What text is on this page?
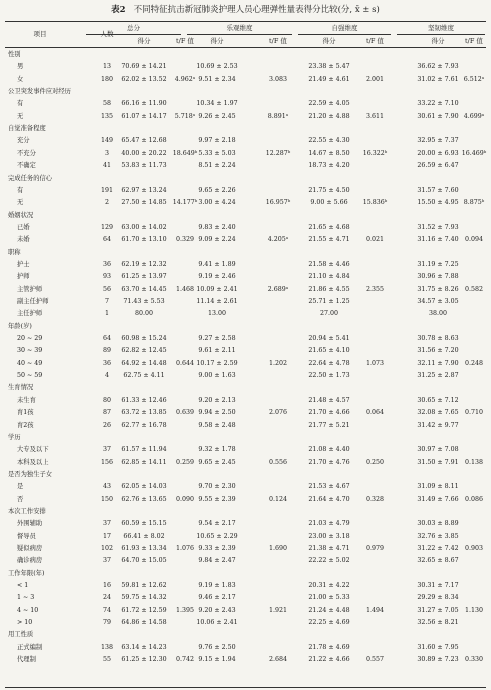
表2 不同特征抗击新冠肺炎护理人员心理弹性量表得分比较(分, x̄ ± s)
项目	人数
总分	乐观维度	自强维度	坚韧维度
得分	t/F 值	得分	t/F 值	得分	t/F 值	得分	t/F 值
性别
男	13	70.69 ± 14.21	10.69 ± 2.53	23.38 ± 5.47	36.62 ± 7.93
女	180	62.02 ± 13.52	4.962ᵃ 9.51 ± 2.34	3.083	21.49 ± 4.61	2.001	31.02 ± 7.61 6.512ᵃ
公卫突发事件应对经历
有	58	66.16 ± 11.90	10.34 ± 1.97	22.59 ± 4.05	33.22 ± 7.10
无	135	61.07 ± 14.17	5.718ᵃ 9.26 ± 2.45	8.891ᵃ	21.20 ± 4.88	3.611	30.61 ± 7.90 4.699ᵃ
自觉准备程度
充分	149	65.47 ± 12.68	9.97 ± 2.18	22.55 ± 4.30	32.95 ± 7.37
不充分	3	40.00 ± 20.22 18.649ᵇ 5.33 ± 5.03	12.287ᵇ	14.67 ± 8.50	16.322ᵇ	20.00 ± 6.93 16.469ᵇ
不确定	41	53.83 ± 11.73	8.51 ± 2.24	18.73 ± 4.20	26.59 ± 6.47
完成任务的信心
有	191	62.97 ± 13.24	9.65 ± 2.26	21.75 ± 4.50	31.57 ± 7.60
无	2	27.50 ± 14.85 14.177ᵇ 3.00 ± 4.24	16.957ᵇ	9.00 ± 5.66	15.836ᵇ	15.50 ± 4.95 8.875ᵇ
婚姻状况
已婚	129	63.00 ± 14.02	9.83 ± 2.40	21.65 ± 4.68	31.52 ± 7.93
未婚	64	61.70 ± 13.10	0.329 9.09 ± 2.24	4.205ᵃ	21.55 ± 4.71	0.021	31.16 ± 7.40	0.094
职称
护士	36	62.19 ± 12.32	9.41 ± 1.89	21.58 ± 4.46	31.19 ± 7.25
护师	93	61.25 ± 13.97	9.19 ± 2.46	21.10 ± 4.84	30.96 ± 7.88
主管护师	56	63.70 ± 14.45	1.468 10.09 ± 2.41	2.689ᵃ	21.86 ± 4.55	2.355	31.75 ± 8.26	0.582
副主任护师	7	71.43 ± 5.53	11.14 ± 2.61	25.71 ± 1.25	34.57 ± 3.05
主任护师	1	80.00	13.00	27.00	38.00
年龄(岁)
20 ~ 29	64	60.98 ± 15.24	9.27 ± 2.58	20.94 ± 5.41	30.78 ± 8.63
30 ~ 39	89	62.82 ± 12.45	9.61 ± 2.11	21.65 ± 4.10	31.56 ± 7.20
40 ~ 49	36	64.92 ± 14.48	0.644 10.17 ± 2.59	1.202	22.64 ± 4.78	1.073	32.11 ± 7.90	0.248
50 ~ 59	4	62.75 ± 4.11	9.00 ± 1.63	22.50 ± 1.73	31.25 ± 2.87
生育情况
未生育	80	61.33 ± 12.46	9.20 ± 2.13	21.48 ± 4.57	30.65 ± 7.12
育1孩	87	63.72 ± 13.85	0.639 9.94 ± 2.50	2.076	21.70 ± 4.66	0.064	32.08 ± 7.65	0.710
育2孩	26	62.77 ± 16.78	9.58 ± 2.48	21.77 ± 5.21	31.42 ± 9.77
学历
大专及以下	37	61.57 ± 11.94	9.32 ± 1.78	21.08 ± 4.40	30.97 ± 7.08
本科及以上	156	62.85 ± 14.11	0.259 9.65 ± 2.45	0.556	21.70 ± 4.76	0.250	31.50 ± 7.91	0.138
是否为独生子女
是	43	62.05 ± 14.03	9.70 ± 2.30	21.53 ± 4.67	31.09 ± 8.11
否	150	62.76 ± 13.65	0.090 9.55 ± 2.39	0.124	21.64 ± 4.70	0.328	31.49 ± 7.66	0.086
本次工作安排
外围辅助	37	60.59 ± 15.15	9.54 ± 2.17	21.03 ± 4.79	30.03 ± 8.89
督导员	17	66.41 ± 8.02	10.65 ± 2.29	23.00 ± 3.18	32.76 ± 3.85
疑似病房	102	61.93 ± 13.34	1.076 9.33 ± 2.39	1.690	21.38 ± 4.71	0.979	31.22 ± 7.42	0.903
确诊病房	37	64.70 ± 15.05	9.84 ± 2.47	22.22 ± 5.02	32.65 ± 8.67
工作年限(年)
< 1	16	59.81 ± 12.62	9.19 ± 1.83	20.31 ± 4.22	30.31 ± 7.17
1 ~ 3	24	59.75 ± 14.32	9.46 ± 2.17	21.00 ± 5.33	29.29 ± 8.34
4 ~ 10	74	61.72 ± 12.59	1.395 9.20 ± 2.43	1.921	21.24 ± 4.48	1.494	31.27 ± 7.05	1.130
> 10	79	64.86 ± 14.58	10.06 ± 2.41	22.25 ± 4.69	32.56 ± 8.21
用工性质
正式编制	138	63.14 ± 14.23	9.76 ± 2.50	21.78 ± 4.69	31.60 ± 7.95
代理制	55	61.25 ± 12.30	0.742 9.15 ± 1.94	2.684	21.22 ± 4.66	0.557	30.89 ± 7.23	0.330
